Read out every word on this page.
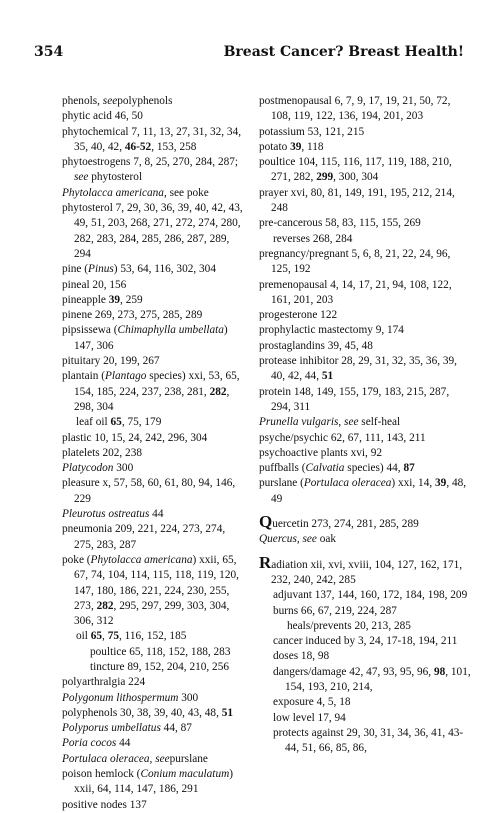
354	Breast Cancer? Breast Health!
phenols, seepolyphenols
phytic acid 46, 50
phytochemical 7, 11, 13, 27, 31, 32, 34, 35, 40, 42, 46-52, 153, 258
phytoestrogens 7, 8, 25, 270, 284, 287; see phytosterol
Phytolacca americana, see poke
phytosterol 7, 29, 30, 36, 39, 40, 42, 43, 49, 51, 203, 268, 271, 272, 274, 280, 282, 283, 284, 285, 286, 287, 289, 294
pine (Pinus) 53, 64, 116, 302, 304
pineal 20, 156
pineapple 39, 259
pinene 269, 273, 275, 285, 289
pipsissewa (Chimaphylla umbellata) 147, 306
pituitary 20, 199, 267
plantain (Plantago species) xxi, 53, 65, 154, 185, 224, 237, 238, 281, 282, 298, 304
leaf oil 65, 75, 179
plastic 10, 15, 24, 242, 296, 304
platelets 202, 238
Platycodon 300
pleasure x, 57, 58, 60, 61, 80, 94, 146, 229
Pleurotus ostreatus 44
pneumonia 209, 221, 224, 273, 274, 275, 283, 287
poke (Phytolacca americana) xxii, 65, 67, 74, 104, 114, 115, 118, 119, 120, 147, 180, 186, 221, 224, 230, 255, 273, 282, 295, 297, 299, 303, 304, 306, 312
oil 65, 75, 116, 152, 185
poultice 65, 118, 152, 188, 283
tincture 89, 152, 204, 210, 256
polyarthralgia 224
Polygonum lithospermum 300
polyphenols 30, 38, 39, 40, 43, 48, 51
Polyporus umbellatus 44, 87
Poria cocos 44
Portulaca oleracea, seepurslane
poison hemlock (Conium maculatum) xxii, 64, 114, 147, 186, 291
positive nodes 137
postmenopausal 6, 7, 9, 17, 19, 21, 50, 72, 108, 119, 122, 136, 194, 201, 203
potassium 53, 121, 215
potato 39, 118
poultice 104, 115, 116, 117, 119, 188, 210, 271, 282, 299, 300, 304
prayer xvi, 80, 81, 149, 191, 195, 212, 214, 248
pre-cancerous 58, 83, 115, 155, 269
reverses 268, 284
pregnancy/pregnant 5, 6, 8, 21, 22, 24, 96, 125, 192
premenopausal 4, 14, 17, 21, 94, 108, 122, 161, 201, 203
progesterone 122
prophylactic mastectomy 9, 174
prostaglandins 39, 45, 48
protease inhibitor 28, 29, 31, 32, 35, 36, 39, 40, 42, 44, 51
protein 148, 149, 155, 179, 183, 215, 287, 294, 311
Prunella vulgaris, see self-heal
psyche/psychic 62, 67, 111, 143, 211
psychoactive plants xvi, 92
puffballs (Calvatia species) 44, 87
purslane (Portulaca oleracea) xxi, 14, 39, 48, 49
Quercetin 273, 274, 281, 285, 289
Quercus, see oak
Radiation xii, xvi, xviii, 104, 127, 162, 171, 232, 240, 242, 285
adjuvant 137, 144, 160, 172, 184, 198, 209
burns 66, 67, 219, 224, 287
heals/prevents 20, 213, 285
cancer induced by 3, 24, 17-18, 194, 211
doses 18, 98
dangers/damage 42, 47, 93, 95, 96, 98, 101, 154, 193, 210, 214,
exposure 4, 5, 18
low level 17, 94
protects against 29, 30, 31, 34, 36, 41, 43-44, 51, 66, 85, 86,
